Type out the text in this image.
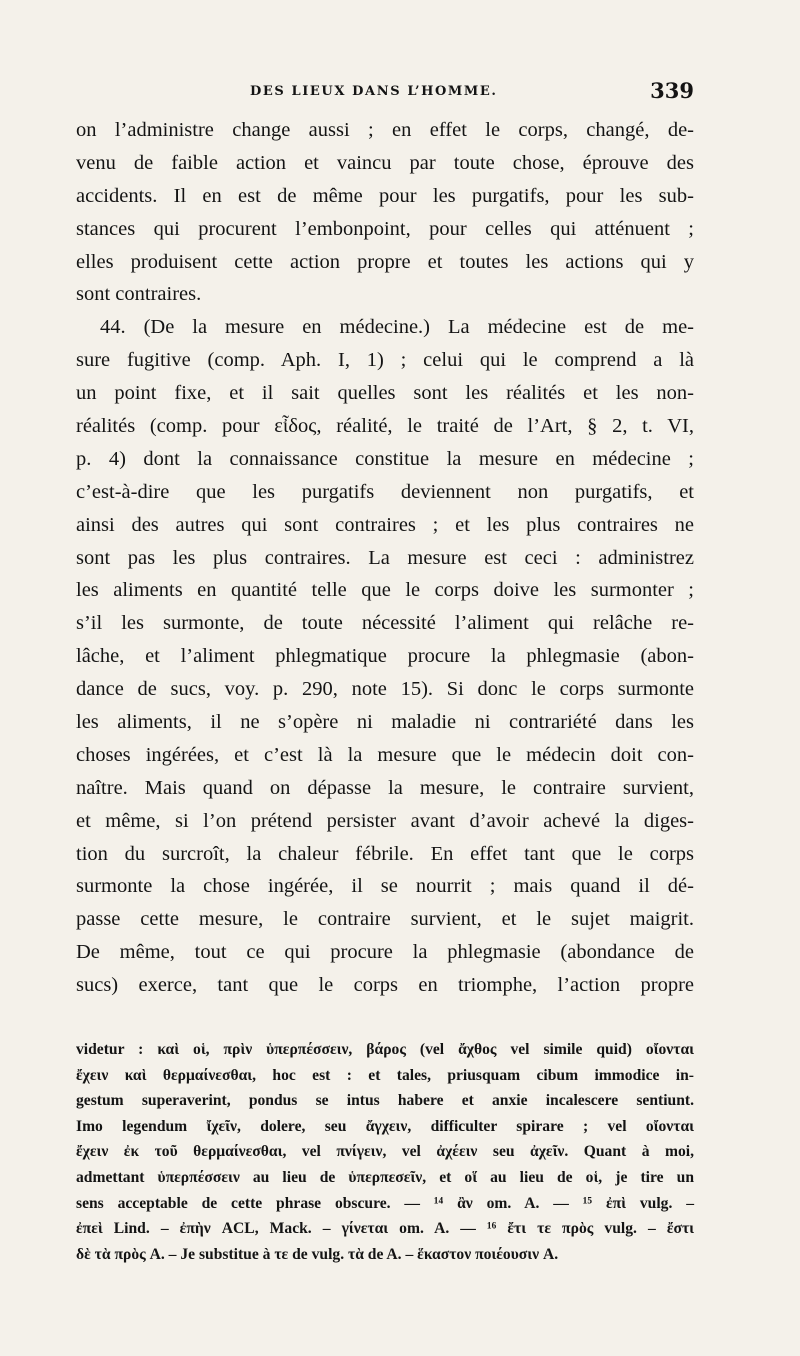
DES LIEUX DANS L’HOMME.	339
on l’administre change aussi ; en effet le corps, changé, de-
venu de faible action et vaincu par toute chose, éprouve des
accidents. Il en est de même pour les purgatifs, pour les sub-
stances qui procurent l’embonpoint, pour celles qui atténuent ;
elles produisent cette action propre et toutes les actions qui y
sont contraires.
44. (De la mesure en médecine.) La médecine est de me-
sure fugitive (comp. Aph. I, 1) ; celui qui le comprend a là
un point fixe, et il sait quelles sont les réalités et les non-
réalités (comp. pour εἶδος, réalité, le traité de l’Art, § 2, t. VI,
p. 4) dont la connaissance constitue la mesure en médecine ;
c’est-à-dire que les purgatifs deviennent non purgatifs, et
ainsi des autres qui sont contraires ; et les plus contraires ne
sont pas les plus contraires. La mesure est ceci : administrez
les aliments en quantité telle que le corps doive les surmonter ;
s’il les surmonte, de toute nécessité l’aliment qui relâche re-
lâche, et l’aliment phlegmatique procure la phlegmasie (abon-
dance de sucs, voy. p. 290, note 15). Si donc le corps surmonte
les aliments, il ne s’opère ni maladie ni contrariété dans les
choses ingérées, et c’est là la mesure que le médecin doit con-
naître. Mais quand on dépasse la mesure, le contraire survient,
et même, si l’on prétend persister avant d’avoir achevé la diges-
tion du surcroît, la chaleur fébrile. En effet tant que le corps
surmonte la chose ingérée, il se nourrit ; mais quand il dé-
passe cette mesure, le contraire survient, et le sujet maigrit.
De même, tout ce qui procure la phlegmasie (abondance de
sucs) exerce, tant que le corps en triomphe, l’action propre
videtur : καὶ οἱ, πρὶν ὑπερπέσσειν, βάρος (vel ἄχθος vel simile quid) οἴονται
ἔχειν καὶ θερμαίνεσθαι, hoc est : et tales, priusquam cibum immodice in-
gestum superaverint, pondus se intus habere et anxie incalescere sentiunt.
Imo legendum ἴχεῖν, dolere, seu ἄγχειν, difficulter spirare ; vel οἴονται
ἔχειν ἐκ τοῦ θερμαίνεσθαι, vel πνίγειν, vel ἀχέειν seu ἀχεῖν. Quant à moi,
admettant ὑπερπέσσειν au lieu de ὑπερπεσεῖν, et οἵ au lieu de οἱ, je tire un
sens acceptable de cette phrase obscure. — ¹⁴ ἂν om. A. — ¹⁵ ἐπὶ vulg. –
ἐπεὶ Lind. – ἐπὴν ACL, Mack. – γίνεται om. A. — ¹⁶ ἔτι τε πρὸς vulg. – ἔστι
δὲ τὰ πρὸς A. – Je substitue à τε de vulg. τὰ de A. – ἕκαστον ποιέουσιν A.
